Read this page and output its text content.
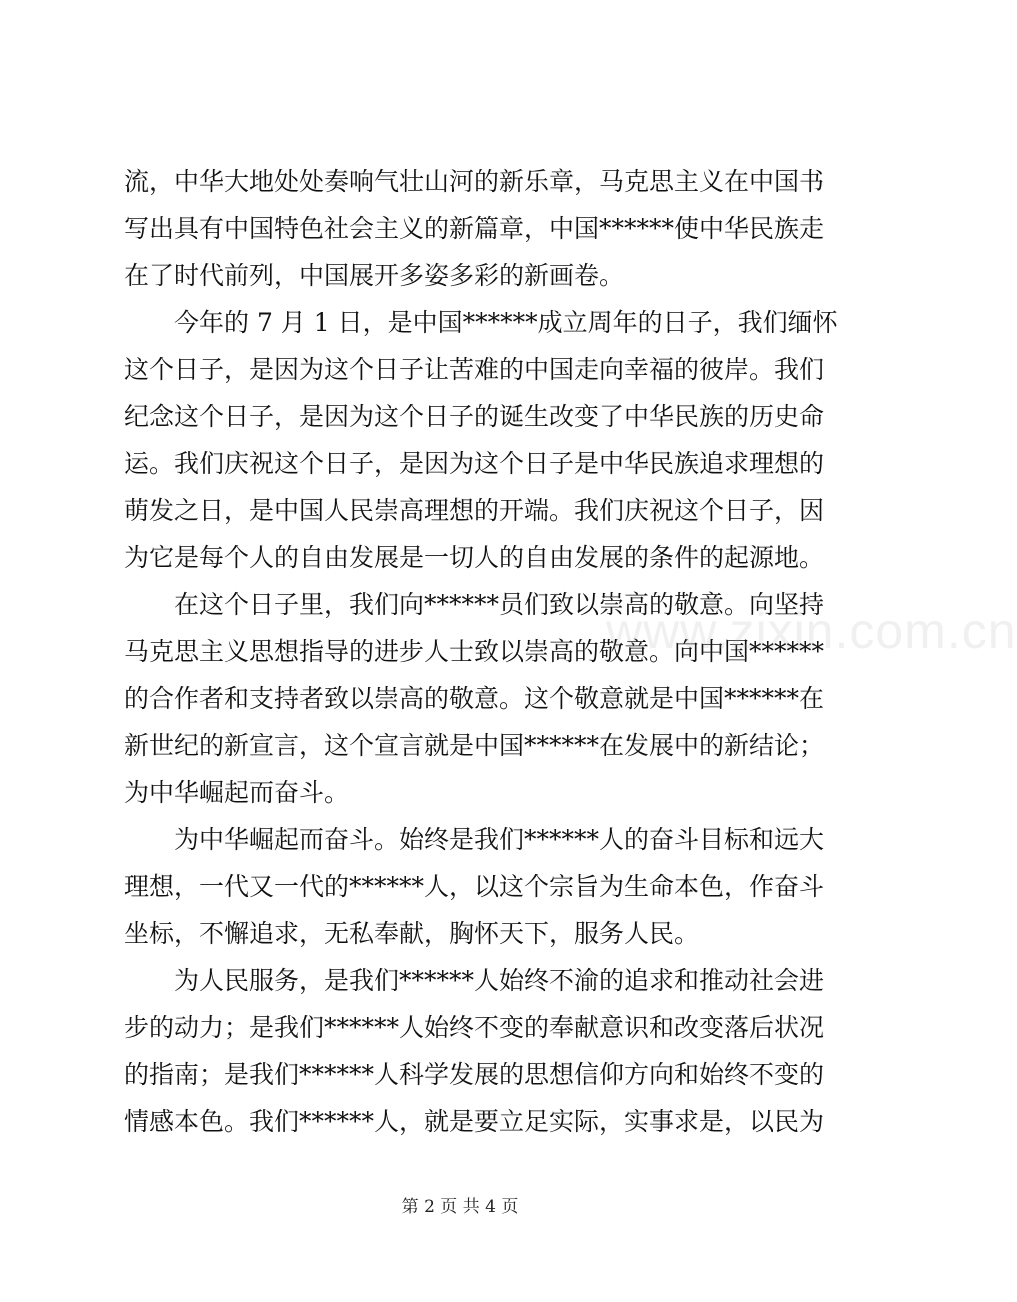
流，中华大地处处奏响气壮山河的新乐章，马克思主义在中国书
写出具有中国特色社会主义的新篇章，中国******使中华民族走
在了时代前列，中国展开多姿多彩的新画卷。
今年的 7 月 1 日，是中国******成立周年的日子，我们缅怀
这个日子，是因为这个日子让苦难的中国走向幸福的彼岸。我们
纪念这个日子，是因为这个日子的诞生改变了中华民族的历史命
运。我们庆祝这个日子，是因为这个日子是中华民族追求理想的
萌发之日，是中国人民崇高理想的开端。我们庆祝这个日子，因
为它是每个人的自由发展是一切人的自由发展的条件的起源地。
在这个日子里，我们向******员们致以崇高的敬意。向坚持
马克思主义思想指导的进步人士致以崇高的敬意。向中国******
的合作者和支持者致以崇高的敬意。这个敬意就是中国******在
新世纪的新宣言，这个宣言就是中国******在发展中的新结论；
为中华崛起而奋斗。
为中华崛起而奋斗。始终是我们******人的奋斗目标和远大
理想，一代又一代的******人，以这个宗旨为生命本色，作奋斗
坐标，不懈追求，无私奉献，胸怀天下，服务人民。
为人民服务，是我们******人始终不渝的追求和推动社会进
步的动力；是我们******人始终不变的奉献意识和改变落后状况
的指南；是我们******人科学发展的思想信仰方向和始终不变的
情感本色。我们******人，就是要立足实际，实事求是，以民为
www.zixin.com.cn
第 2 页 共 4 页
